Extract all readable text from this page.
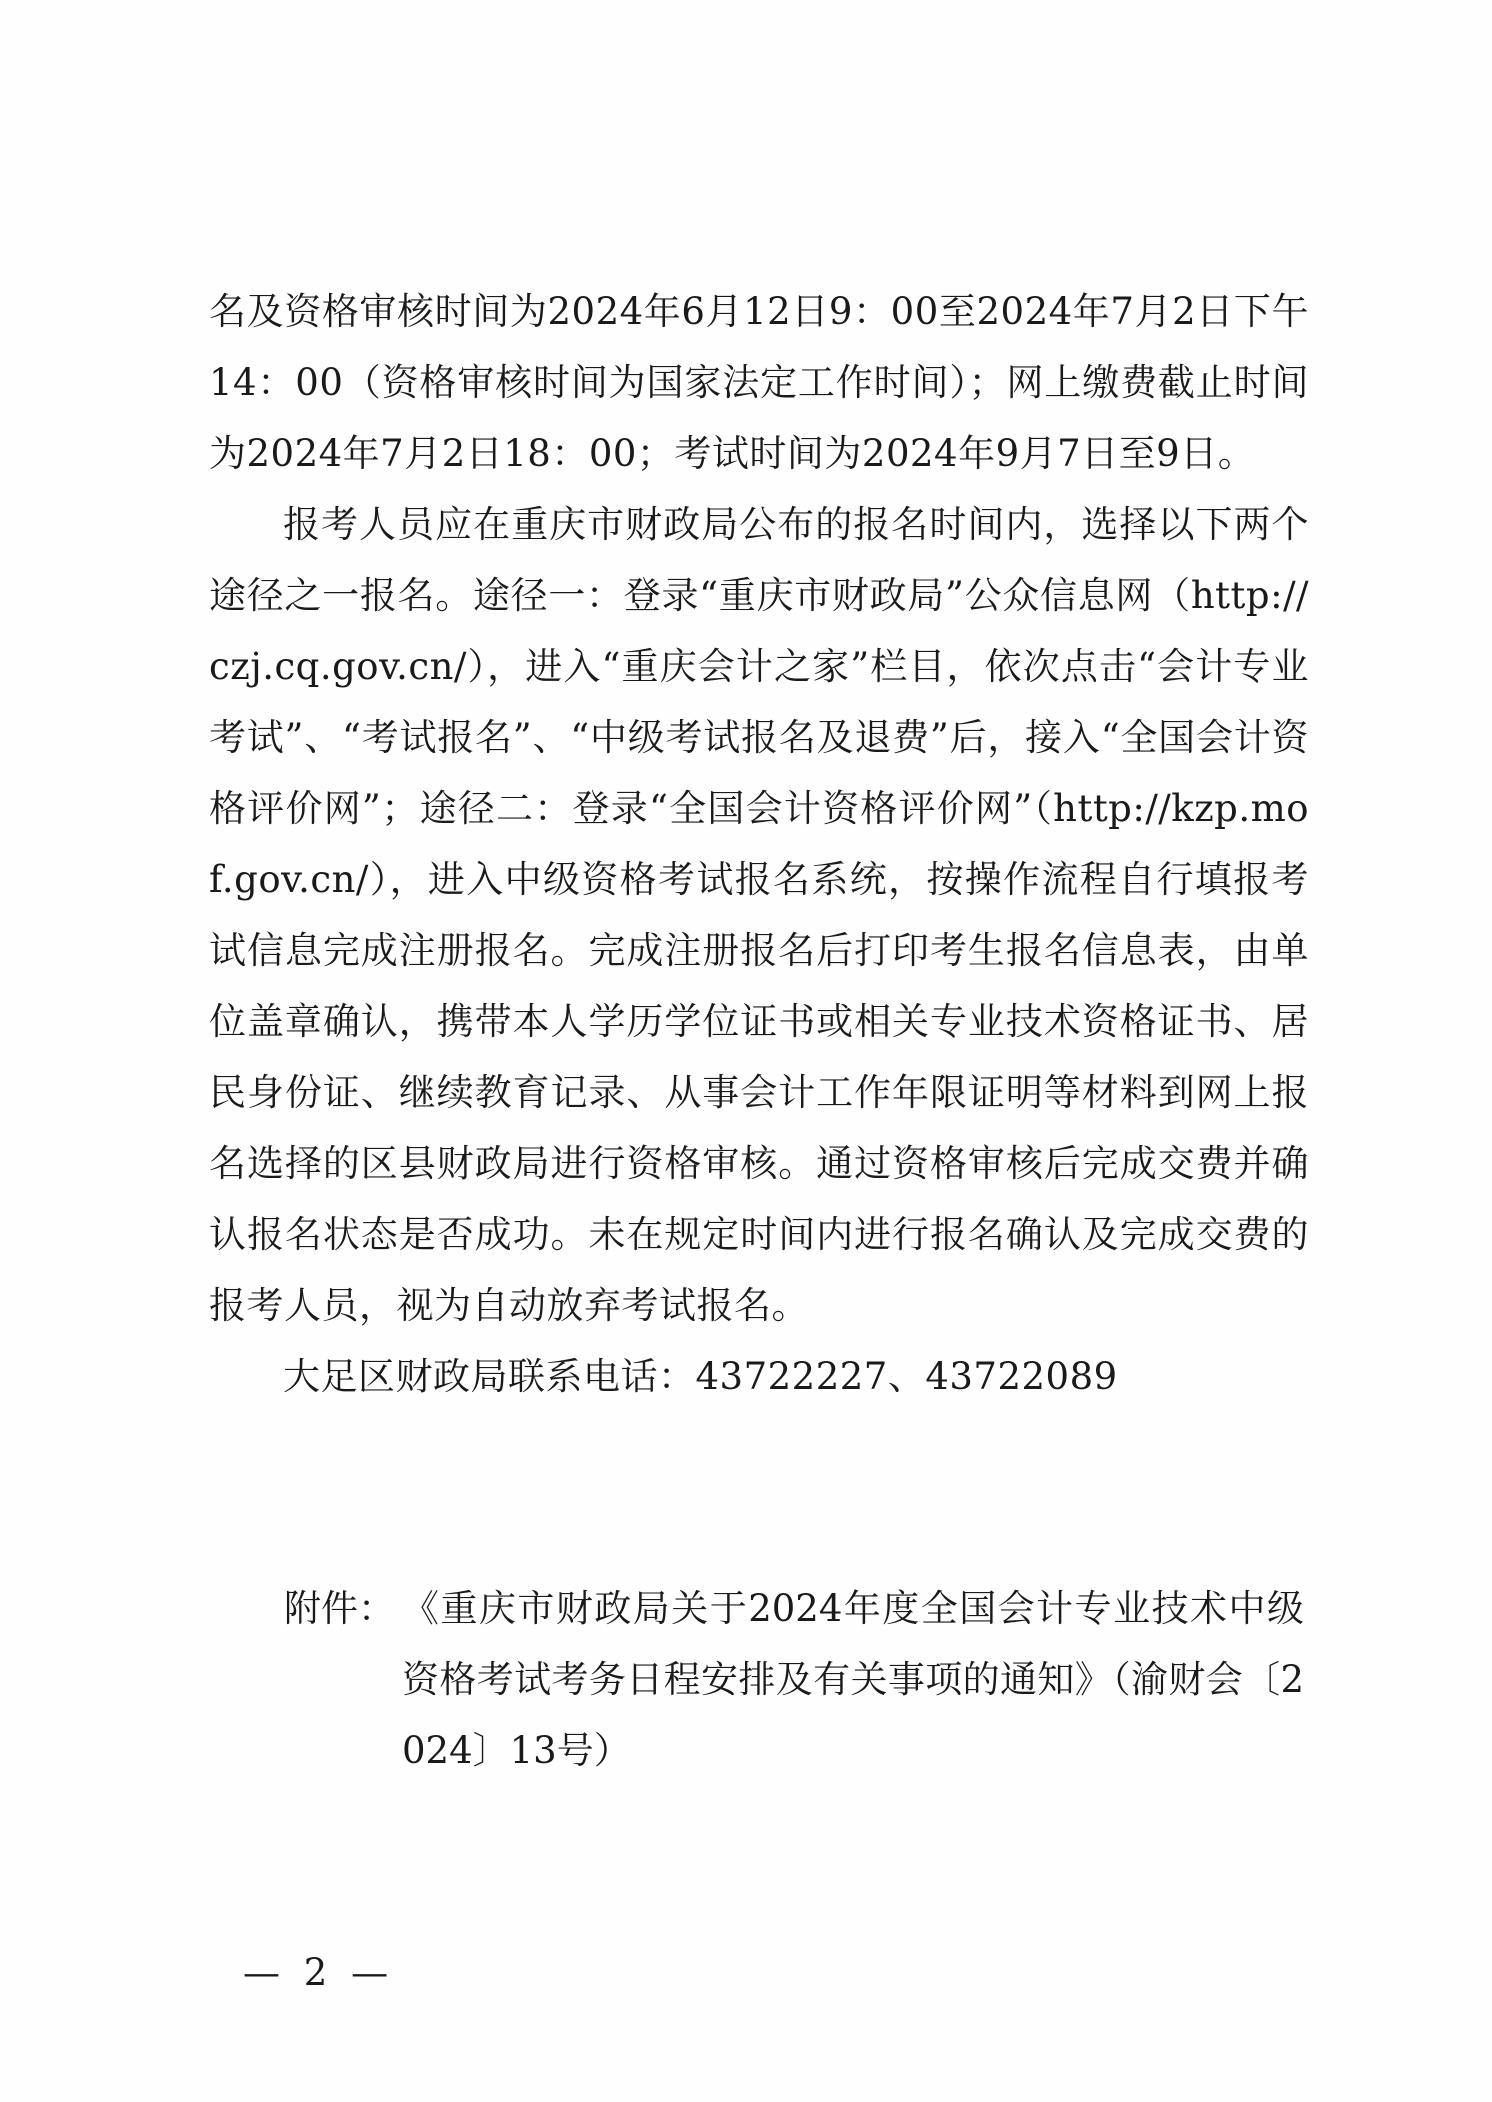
名及资格审核时间为2024年6月12日9：00至2024年7月2日下午14：00（资格审核时间为国家法定工作时间）；网上缴费截止时间为2024年7月2日18：00；考试时间为2024年9月7日至9日。

报考人员应在重庆市财政局公布的报名时间内，选择以下两个途径之一报名。途径一：登录“重庆市财政局”公众信息网（http://czj.cq.gov.cn/），进入“重庆会计之家”栏目，依次点击“会计专业考试”、“考试报名”、“中级考试报名及退费”后，接入“全国会计资格评价网”；途径二：登录“全国会计资格评价网”（http://kzp.mof.gov.cn/），进入中级资格考试报名系统，按操作流程自行填报考试信息完成注册报名。完成注册报名后打印考生报名信息表，由单位盖章确认，携带本人学历学位证书或相关专业技术资格证书、居民身份证、继续教育记录、从事会计工作年限证明等材料到网上报名选择的区县财政局进行资格审核。通过资格审核后完成交费并确认报名状态是否成功。未在规定时间内进行报名确认及完成交费的报考人员，视为自动放弃考试报名。

大足区财政局联系电话：43722227、43722089

附件： 《重庆市财政局关于2024年度全国会计专业技术中级资格考试考务日程安排及有关事项的通知》（渝财会〔2024〕13号）
— 2 —
